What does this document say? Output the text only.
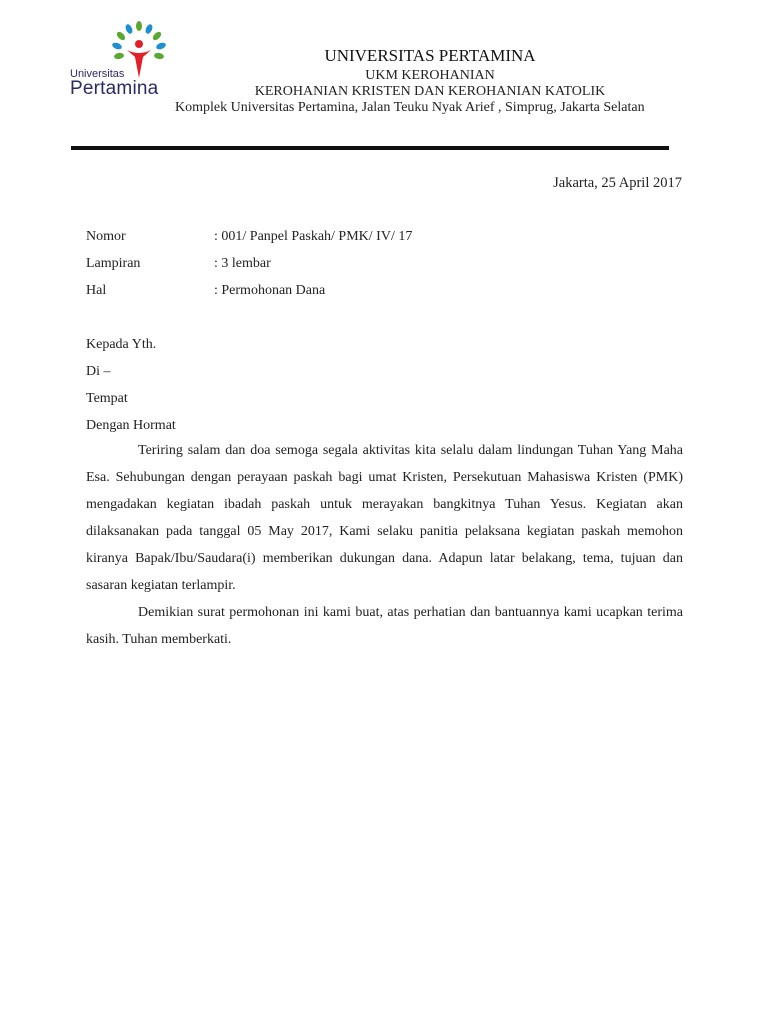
Universitas
Pertamina
UNIVERSITAS PERTAMINA
UKM KEROHANIAN
KEROHANIAN KRISTEN DAN KEROHANIAN KATOLIK
Komplek Universitas Pertamina, Jalan Teuku Nyak Arief , Simprug, Jakarta Selatan
Jakarta, 25 April 2017
Nomor	: 001/ Panpel Paskah/ PMK/ IV/ 17
Lampiran	: 3 lembar
Hal	: Permohonan Dana
Kepada Yth.
Di –
Tempat
Dengan Hormat

Teriring salam dan doa semoga segala aktivitas kita selalu dalam lindungan Tuhan Yang Maha Esa. Sehubungan dengan perayaan paskah bagi umat Kristen, Persekutuan Mahasiswa Kristen (PMK) mengadakan kegiatan ibadah paskah untuk merayakan bangkitnya Tuhan Yesus. Kegiatan akan dilaksanakan pada tanggal 05 May 2017, Kami selaku panitia pelaksana kegiatan paskah memohon kiranya Bapak/Ibu/Saudara(i) memberikan dukungan dana. Adapun latar belakang, tema, tujuan dan sasaran kegiatan terlampir.

Demikian surat permohonan ini kami buat, atas perhatian dan bantuannya kami ucapkan terima kasih. Tuhan memberkati.
